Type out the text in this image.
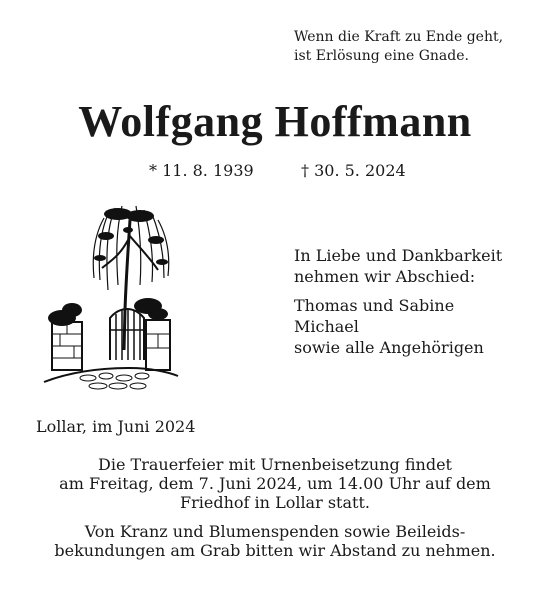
Wenn die Kraft zu Ende geht,
ist Erlösung eine Gnade.
Wolfgang Hoffmann
* 11. 8. 1939	† 30. 5. 2024
In Liebe und Dankbarkeit
nehmen wir Abschied:
Thomas und Sabine
Michael
sowie alle Angehörigen
Lollar, im Juni 2024
Die Trauerfeier mit Urnenbeisetzung findet
am Freitag, dem 7. Juni 2024, um 14.00 Uhr auf dem
Friedhof in Lollar statt.
Von Kranz und Blumenspenden sowie Beileids-
bekundungen am Grab bitten wir Abstand zu nehmen.
